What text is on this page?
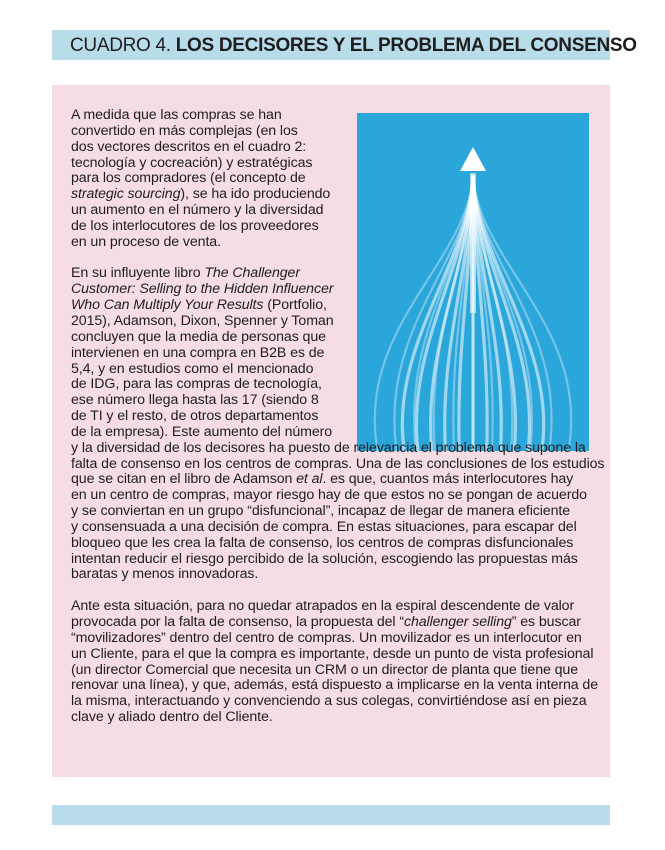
CUADRO 4. LOS DECISORES Y EL PROBLEMA DEL CONSENSO
A medida que las compras se han
convertido en más complejas (en los
dos vectores descritos en el cuadro 2:
tecnología y cocreación) y estratégicas
para los compradores (el concepto de
strategic sourcing), se ha ido produciendo
un aumento en el número y la diversidad
de los interlocutores de los proveedores
en un proceso de venta.
En su influyente libro The Challenger
Customer: Selling to the Hidden Influencer
Who Can Multiply Your Results (Portfolio,
2015), Adamson, Dixon, Spenner y Toman
concluyen que la media de personas que
intervienen en una compra en B2B es de
5,4, y en estudios como el mencionado
de IDG, para las compras de tecnología,
ese número llega hasta las 17 (siendo 8
de TI y el resto, de otros departamentos
de la empresa). Este aumento del número
y la diversidad de los decisores ha puesto de relevancia el problema que supone la
falta de consenso en los centros de compras. Una de las conclusiones de los estudios
que se citan en el libro de Adamson et al. es que, cuantos más interlocutores hay
en un centro de compras, mayor riesgo hay de que estos no se pongan de acuerdo
y se conviertan en un grupo “disfuncional”, incapaz de llegar de manera eficiente
y consensuada a una decisión de compra. En estas situaciones, para escapar del
bloqueo que les crea la falta de consenso, los centros de compras disfuncionales
intentan reducir el riesgo percibido de la solución, escogiendo las propuestas más
baratas y menos innovadoras.
Ante esta situación, para no quedar atrapados en la espiral descendente de valor
provocada por la falta de consenso, la propuesta del “challenger selling” es buscar
“movilizadores” dentro del centro de compras. Un movilizador es un interlocutor en
un Cliente, para el que la compra es importante, desde un punto de vista profesional
(un director Comercial que necesita un CRM o un director de planta que tiene que
renovar una línea), y que, además, está dispuesto a implicarse en la venta interna de
la misma, interactuando y convenciendo a sus colegas, convirtiéndose así en pieza
clave y aliado dentro del Cliente.
